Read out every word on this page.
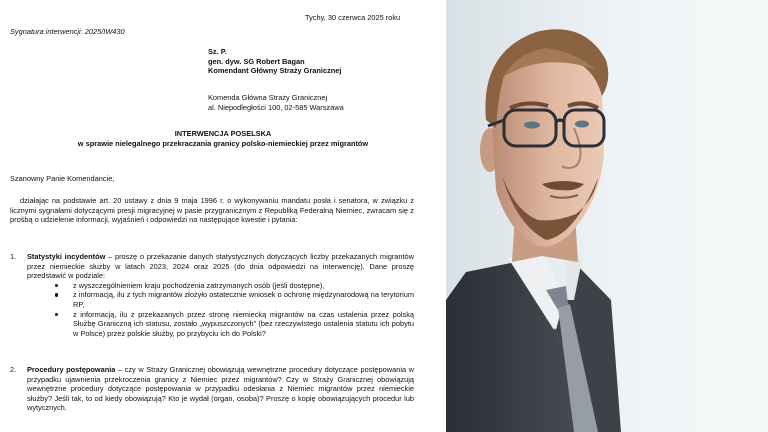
Tychy, 30 czerwca 2025 roku
Sygnatura interwencji: 2025/IW430
Sz. P.
gen. dyw. SG Robert Bagan
Komendant Główny Straży Granicznej
Komenda Główna Straży Granicznej
al. Niepodległości 100, 02-585 Warszawa
INTERWENCJA POSELSKA
w sprawie nielegalnego przekraczania granicy polsko-niemieckiej przez migrantów
Szanowny Panie Komendancie,

działając na podstawie art. 20 ustawy z dnia 9 maja 1996 r. o wykonywaniu mandatu posła i senatora, w związku z licznymi sygnałami dotyczącymi presji migracyjnej w pasie przygranicznym z Republiką Federalną Niemiec, zwracam się z prośbą o udzielenie informacji, wyjaśnień i odpowiedzi na następujące kwestie i pytania:

1. Statystyki incydentów – proszę o przekazanie danych statystycznych dotyczących liczby przekazanych migrantów przez niemieckie służby w latach 2023, 2024 oraz 2025 (do dnia odpowiedzi na interwencję). Dane proszę przedstawić w podziale:
z wyszczególnieniem kraju pochodzenia zatrzymanych osób (jeśli dostępne),
z informacją, ilu z tych migrantów złożyło ostatecznie wniosek o ochronę międzynarodową na terytorium RP,
z informacją, ilu z przekazanych przez stronę niemiecką migrantów na czas ustalenia przez polską Służbę Graniczną ich statusu, zostało „wypuszczonych” (bez rzeczywistego ustalenia statutu ich pobytu w Polsce) przez polskie służby, po przybyciu ich do Polski?
2. Procedury postępowania – czy w Straży Granicznej obowiązują wewnętrzne procedury dotyczące postępowania w przypadku ujawnienia przekroczenia granicy z Niemiec przez migrantów? Czy w Straży Granicznej obowiązują wewnętrzne procedury dotyczące postępowania w przypadku odesłania z Niemiec migrantów przez niemieckie służby? Jeśli tak, to od kiedy obowiązują? Kto je wydał (organ, osoba)? Proszę o kopię obowiązujących procedur lub wytycznych.
